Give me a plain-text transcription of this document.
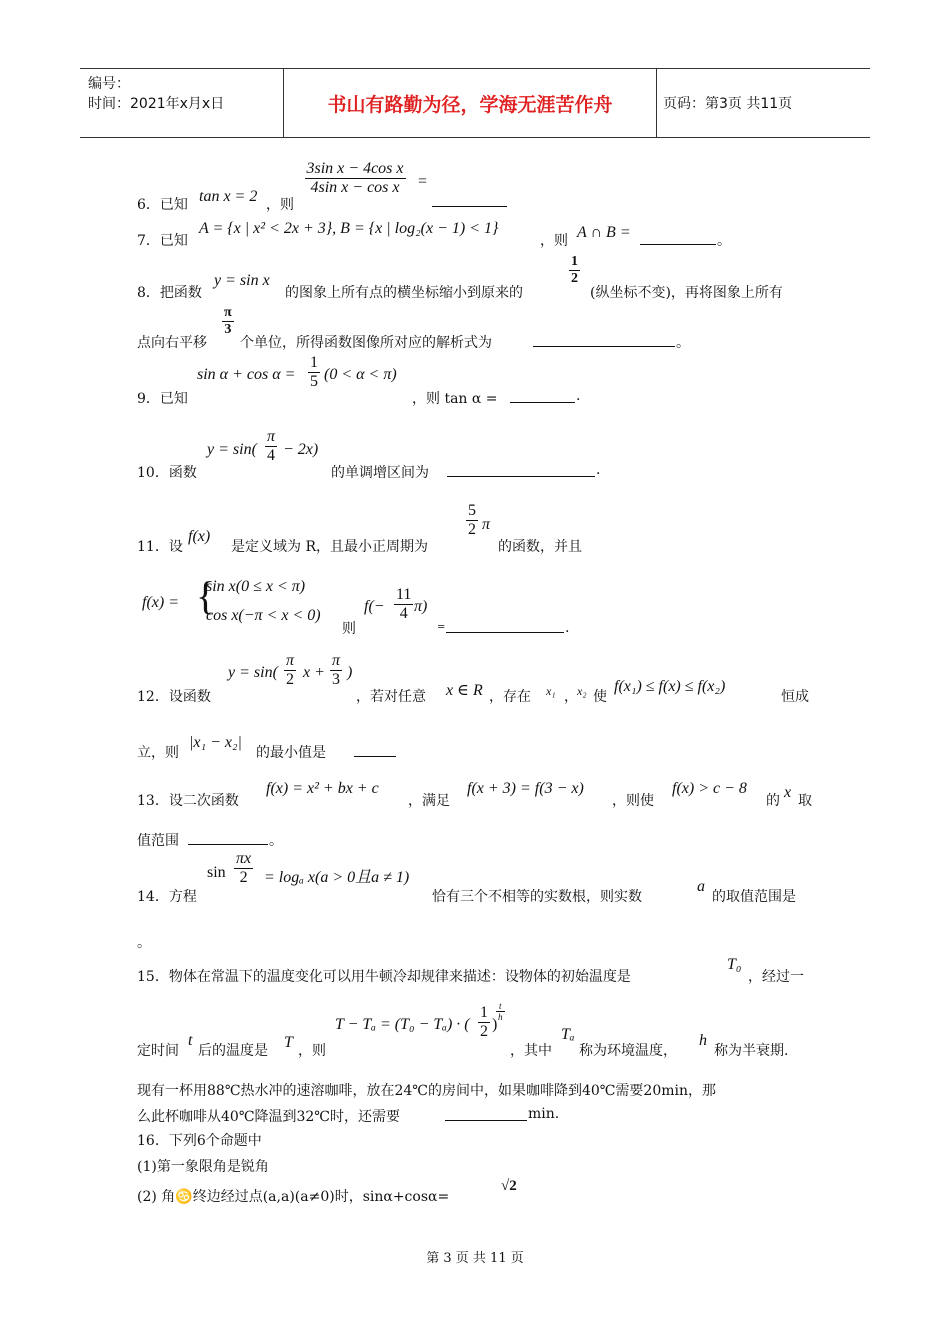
编号：
时间：2021年x月x日	书山有路勤为径，学海无涯苦作舟	页码：第3页 共11页
6．已知 tan x = 2 ，则
$\frac{\text{3sin x − 4cos x}}{\text{4sin x − cos x}}$ =
7．已知
A = {x | x² < 2x + 3}, B = {x | log₂(x − 1) < 1}
，则 A ∩ B =	。
8．把函数
y = sin x
的图象上所有点的横坐标缩小到原来的
$\frac{1}{2}$
(纵坐标不变)，再将图象上所有
点向右平移
$\frac{\pi}{3}$
个单位，所得函数图像所对应的解析式为	。
9．已知
$\sin \alpha + \cos \alpha = \frac{1}{5} (0 < \alpha < \pi)$
，则 tan α =	.
10．函数
$y = \sin( \frac{\pi}{4} - 2x)$
的单调增区间为	.
11．设
f(x)
是定义域为 R，且最小正周期为
$\frac{5}{2}$ π
的函数，并且
f(x) = {
sin x(0 ≤ x < π)
cos x(−π < x < 0)
则
$f(- \frac{11}{4} \pi)$
=	.
12．设函数
$y = \sin( \frac{\pi}{2}$ $x + \frac{\pi}{3}$ )
，若对任意 x ∈ R ，存在 x₁ ， x₂ 使
f(x₁) ≤ f(x) ≤ f(x₂)
恒成
立，则
|x₁ − x₂|
的最小值是
13．设二次函数
f(x) = x² + bx + c
，满足
f(x + 3) = f(3 − x)
，则使
f(x) > c − 8
的 x 取
值范围	。
14．方程
$\sin \frac{\pi x}{2} = \log_a$ x(a > 0且a ≠ 1)
恰有三个不相等的实数根，则实数
a
的取值范围是
。
15．物体在常温下的温度变化可以用牛顿冷却规律来描述：设物体的初始温度是
T₀
，经过一
定时间
t
后的温度是 T ，则
T − Tₐ = (T₀ − Tₐ) · ( $\frac{1}{2}$ )
$\frac{t}{h}$
，其中
Tₐ
称为环境温度，
h
称为半衰期.
现有一杯用88℃热水冲的速溶咖啡，放在24℃的房间中，如果咖啡降到40℃需要20min，那
么此杯咖啡从40℃降温到32℃时，还需要	min.
16．下列6个命题中
(1)第一象限角是锐角
(2) 角♋终边经过点(a,a)(a≠0)时，sinα+cosα=
√2
第 3 页 共 11 页
